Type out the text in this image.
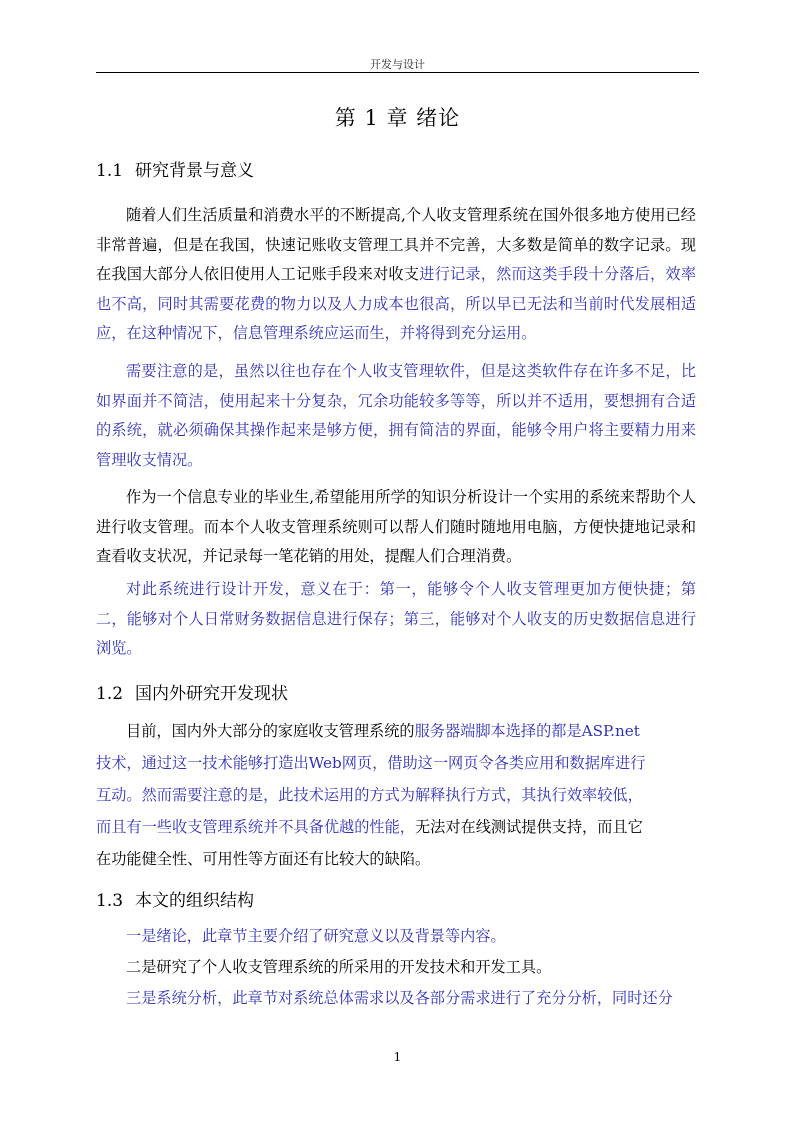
开发与设计
第 1 章 绪论
1.1 研究背景与意义

随着人们生活质量和消费水平的不断提高,个人收支管理系统在国外很多地方使用已经非常普遍，但是在我国，快速记账收支管理工具并不完善，大多数是简单的数字记录。现在我国大部分人依旧使用人工记账手段来对收支进行记录，然而这类手段十分落后，效率也不高，同时其需要花费的物力以及人力成本也很高，所以早已无法和当前时代发展相适应，在这种情况下，信息管理系统应运而生，并将得到充分运用。

需要注意的是，虽然以往也存在个人收支管理软件，但是这类软件存在许多不足，比如界面并不简洁，使用起来十分复杂，冗余功能较多等等，所以并不适用，要想拥有合适的系统，就必须确保其操作起来是够方便，拥有简洁的界面，能够令用户将主要精力用来管理收支情况。

作为一个信息专业的毕业生,希望能用所学的知识分析设计一个实用的系统来帮助个人进行收支管理。而本个人收支管理系统则可以帮人们随时随地用电脑，方便快捷地记录和查看收支状况，并记录每一笔花销的用处，提醒人们合理消费。

对此系统进行设计开发，意义在于：第一，能够令个人收支管理更加方便快捷；第二，能够对个人日常财务数据信息进行保存；第三，能够对个人收支的历史数据信息进行浏览。

1.2 国内外研究开发现状
目前，国内外大部分的家庭收支管理系统的服务器端脚本选择的都是ASP.net
技术，通过这一技术能够打造出Web网页，借助这一网页令各类应用和数据库进行
互动。然而需要注意的是，此技术运用的方式为解释执行方式，其执行效率较低，
而且有一些收支管理系统并不具备优越的性能，无法对在线测试提供支持，而且它
在功能健全性、可用性等方面还有比较大的缺陷。
1.3 本文的组织结构
一是绪论，此章节主要介绍了研究意义以及背景等内容。
二是研究了个人收支管理系统的所采用的开发技术和开发工具。
三是系统分析，此章节对系统总体需求以及各部分需求进行了充分分析，同时还分
1
